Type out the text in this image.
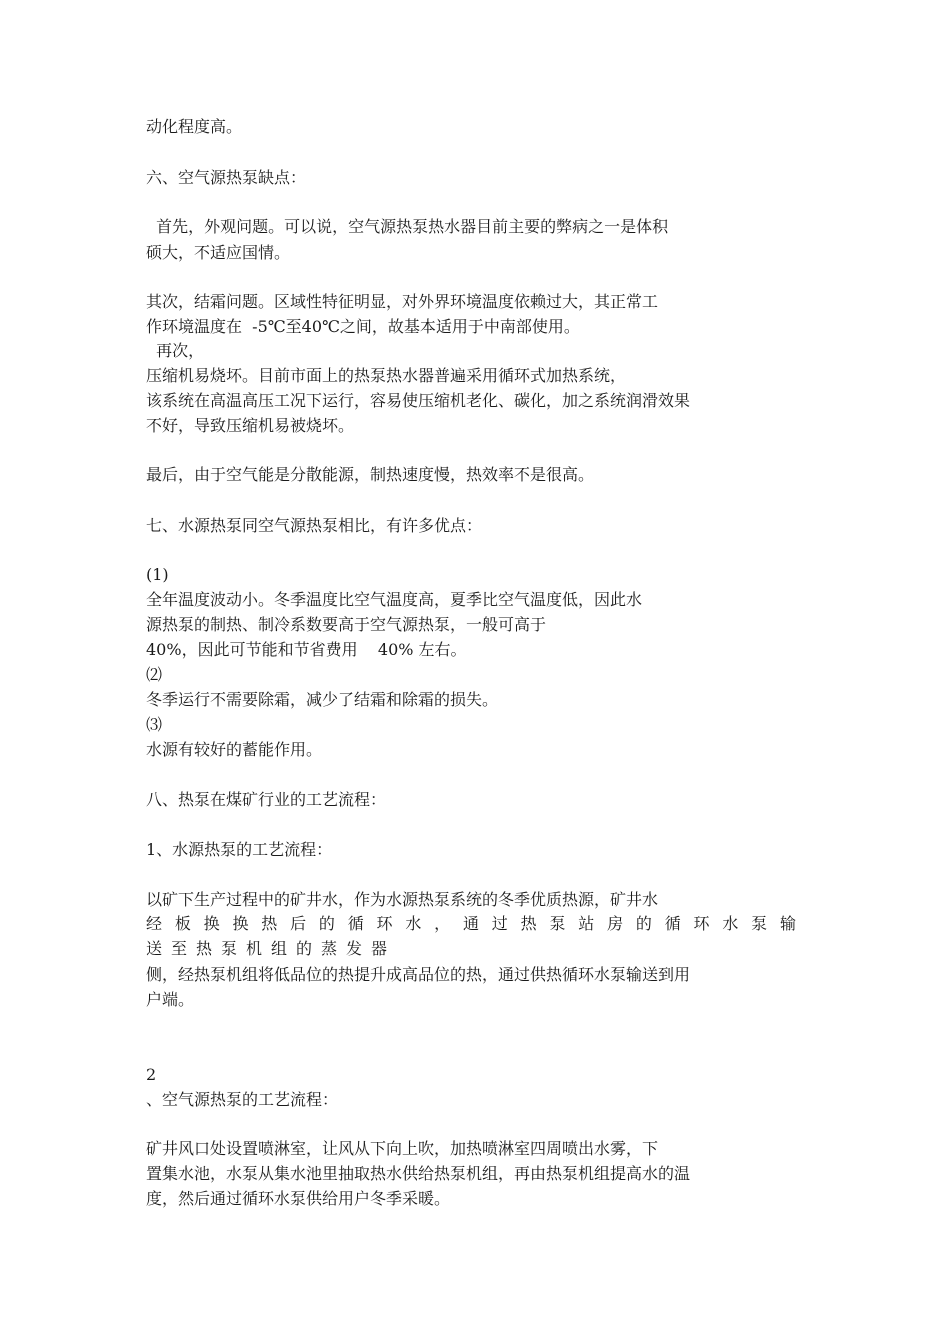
动化程度高。
六、空气源热泵缺点：
首先，外观问题。可以说，空气源热泵热水器目前主要的弊病之一是体积
硕大，不适应国情。
其次，结霜问题。区域性特征明显，对外界环境温度依赖过大，其正常工
作环境温度在  -5℃至40℃之间，故基本适用于中南部使用。
再次，
压缩机易烧坏。目前市面上的热泵热水器普遍采用循环式加热系统，
该系统在高温高压工况下运行，容易使压缩机老化、碳化，加之系统润滑效果
不好，导致压缩机易被烧坏。
最后，由于空气能是分散能源，制热速度慢，热效率不是很高。
七、水源热泵同空气源热泵相比，有许多优点：
(1)
全年温度波动小。冬季温度比空气温度高，夏季比空气温度低，因此水
源热泵的制热、制冷系数要高于空气源热泵，一般可高于
40%，因此可节能和节省费用    40% 左右。
⑵
冬季运行不需要除霜，减少了结霜和除霜的损失。
⑶
水源有较好的蓄能作用。
八、热泵在煤矿行业的工艺流程：
1、水源热泵的工艺流程：
以矿下生产过程中的矿井水，作为水源热泵系统的冬季优质热源，矿井水
经板换换热后的循环水，通过热泵站房的循环水泵输
送至热泵机组的蒸发器
侧，经热泵机组将低品位的热提升成高品位的热，通过供热循环水泵输送到用
户端。
2
、空气源热泵的工艺流程：
矿井风口处设置喷淋室，让风从下向上吹，加热喷淋室四周喷出水雾，下
置集水池，水泵从集水池里抽取热水供给热泵机组，再由热泵机组提高水的温
度，然后通过循环水泵供给用户冬季采暖。
